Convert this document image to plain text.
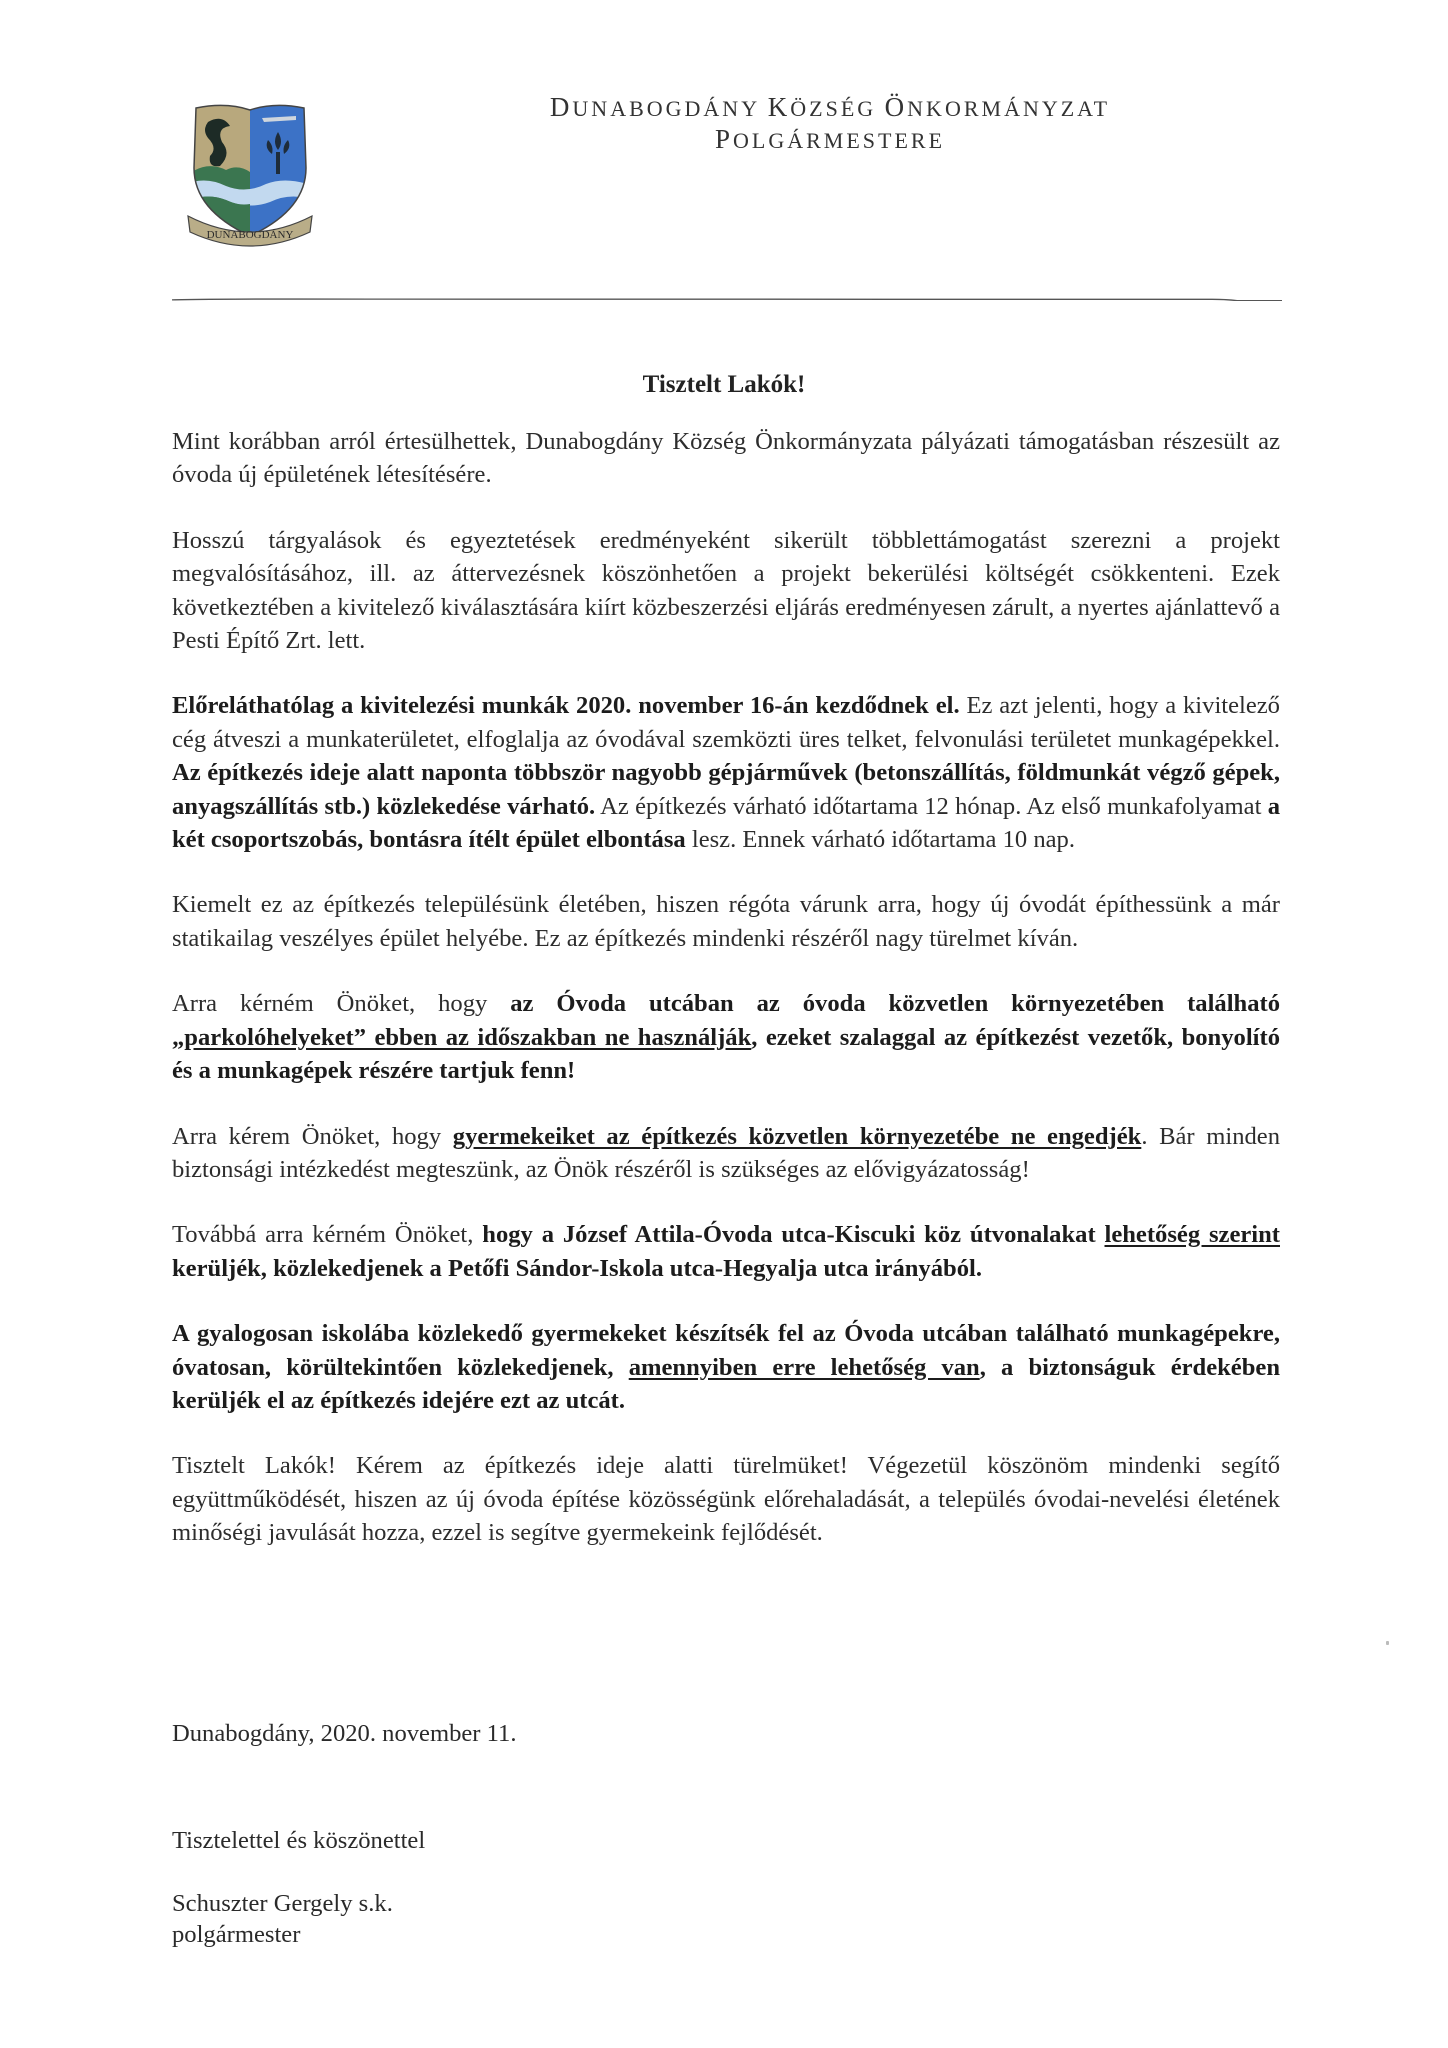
DUNABOGDÁNY
DUNABOGDÁNY KÖZSÉG ÖNKORMÁNYZAT
POLGÁRMESTERE
Tisztelt Lakók!

Mint korábban arról értesülhettek, Dunabogdány Község Önkormányzata pályázati támogatásban részesült az óvoda új épületének létesítésére.

Hosszú tárgyalások és egyeztetések eredményeként sikerült többlettámogatást szerezni a projekt megvalósításához, ill. az áttervezésnek köszönhetően a projekt bekerülési költségét csökkenteni. Ezek következtében a kivitelező kiválasztására kiírt közbeszerzési eljárás eredményesen zárult, a nyertes ajánlattevő a Pesti Építő Zrt. lett.

Előreláthatólag a kivitelezési munkák 2020. november 16-án kezdődnek el. Ez azt jelenti, hogy a kivitelező cég átveszi a munkaterületet, elfoglalja az óvodával szemközti üres telket, felvonulási területet munkagépekkel. Az építkezés ideje alatt naponta többször nagyobb gépjárművek (betonszállítás, földmunkát végző gépek, anyagszállítás stb.) közlekedése várható. Az építkezés várható időtartama 12 hónap. Az első munkafolyamat a két csoportszobás, bontásra ítélt épület elbontása lesz. Ennek várható időtartama 10 nap.

Kiemelt ez az építkezés településünk életében, hiszen régóta várunk arra, hogy új óvodát építhessünk a már statikailag veszélyes épület helyébe. Ez az építkezés mindenki részéről nagy türelmet kíván.

Arra kérném Önöket, hogy az Óvoda utcában az óvoda közvetlen környezetében található „parkolóhelyeket” ebben az időszakban ne használják, ezeket szalaggal az építkezést vezetők, bonyolító és a munkagépek részére tartjuk fenn!

Arra kérem Önöket, hogy gyermekeiket az építkezés közvetlen környezetébe ne engedjék. Bár minden biztonsági intézkedést megteszünk, az Önök részéről is szükséges az elővigyázatosság!

Továbbá arra kérném Önöket, hogy a József Attila-Óvoda utca-Kiscuki köz útvonalakat lehetőség szerint kerüljék, közlekedjenek a Petőfi Sándor-Iskola utca-Hegyalja utca irányából.

A gyalogosan iskolába közlekedő gyermekeket készítsék fel az Óvoda utcában található munkagépekre, óvatosan, körültekintően közlekedjenek, amennyiben erre lehetőség van, a biztonságuk érdekében kerüljék el az építkezés idejére ezt az utcát.

Tisztelt Lakók! Kérem az építkezés ideje alatti türelmüket! Végezetül köszönöm mindenki segítő együttműködését, hiszen az új óvoda építése közösségünk előrehaladását, a település óvodai-nevelési életének minőségi javulását hozza, ezzel is segítve gyermekeink fejlődését.

Dunabogdány, 2020. november 11.
Tisztelettel és köszönettel
Schuszter Gergely s.k.
polgármester
